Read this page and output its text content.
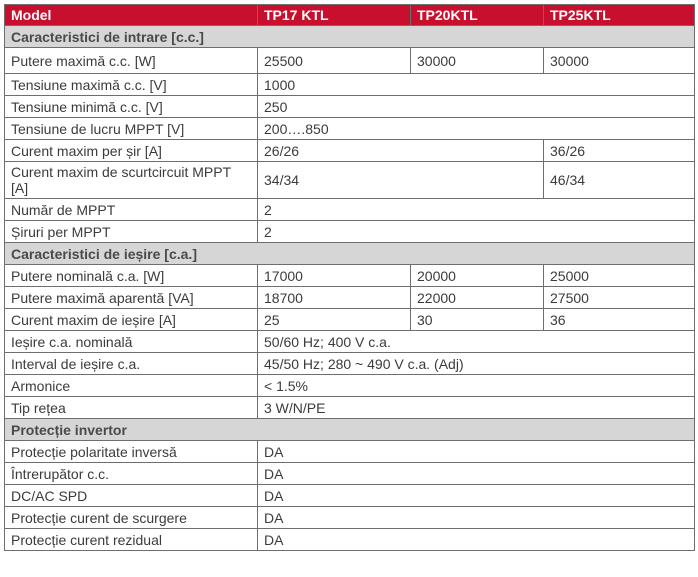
Model	TP17 KTL	TP20KTL	TP25KTL
Caracteristici de intrare [c.c.]			
Putere maximă c.c. [W]	25500	30000	30000
Tensiune maximă c.c. [V]	1000		
Tensiune minimă c.c. [V]	250		
Tensiune de lucru MPPT [V]	200….850		
Curent maxim per șir [A]	26/26		36/26
Curent maxim de scurtcircuit MPPT [A]	34/34		46/34
Număr de MPPT	2		
Șiruri per MPPT	2		
Caracteristici de ieșire [c.a.]			
Putere nominală c.a. [W]	17000	20000	25000
Putere maximă aparentă [VA]	18700	22000	27500
Curent maxim de ieșire [A]	25	30	36
Ieșire c.a. nominală	50/60 Hz; 400 V c.a.		
Interval de ieșire c.a.	45/50 Hz; 280 ~ 490 V c.a. (Adj)		
Armonice	< 1.5%		
Tip rețea	3 W/N/PE		
Protecție invertor			
Protecție polaritate inversă	DA		
Întrerupător c.c.	DA		
DC/AC SPD	DA		
Protecție curent de scurgere	DA		
Protecție curent rezidual	DA		
